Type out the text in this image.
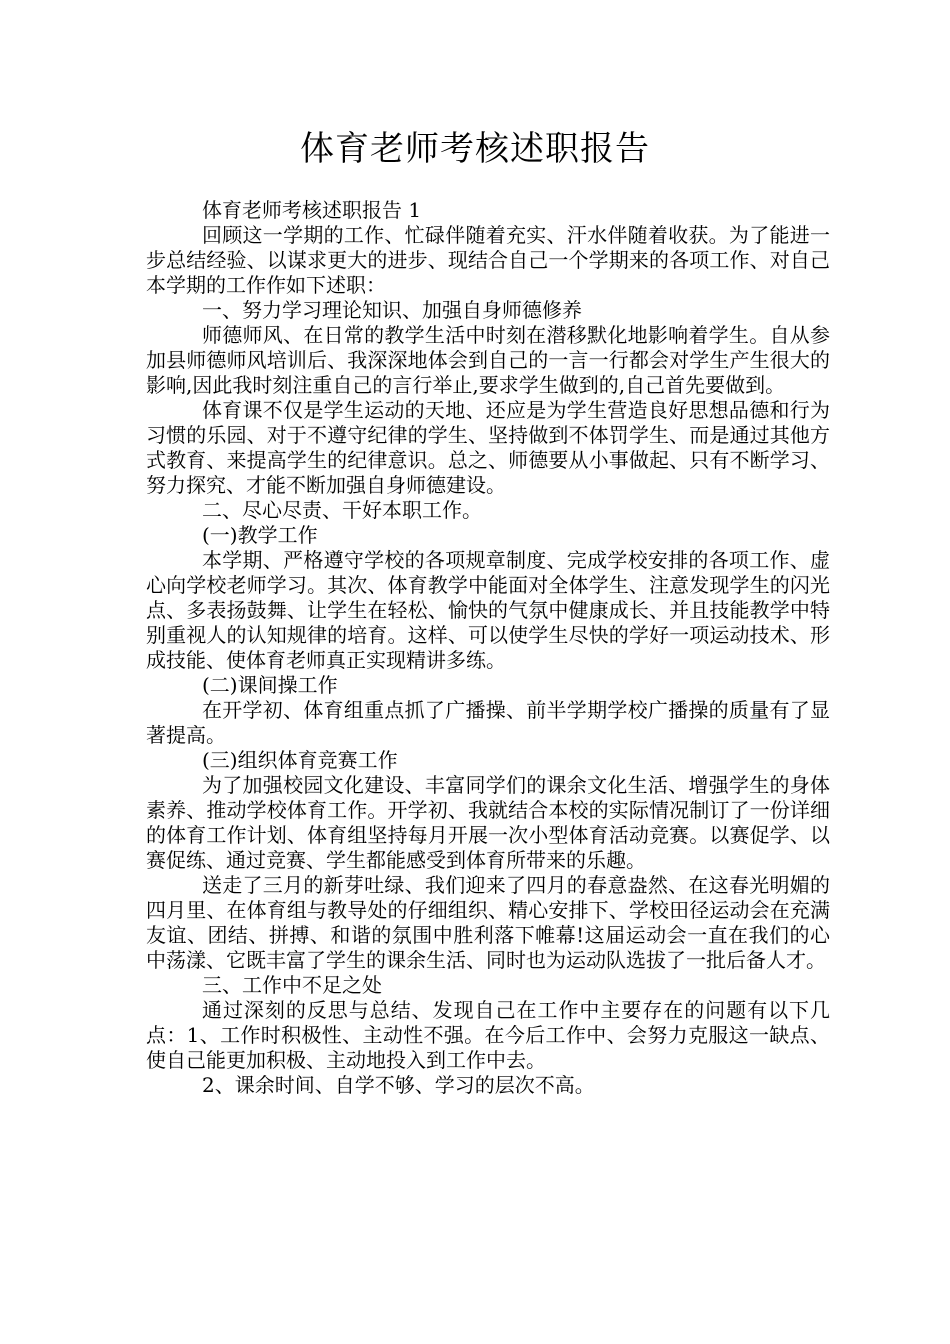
体育老师考核述职报告

体育老师考核述职报告 1

回顾这一学期的工作、忙碌伴随着充实、汗水伴随着收获。为了能进一步总结经验、以谋求更大的进步、现结合自己一个学期来的各项工作、对自己本学期的工作作如下述职：

一、努力学习理论知识、加强自身师德修养

师德师风、在日常的教学生活中时刻在潜移默化地影响着学生。自从参加县师德师风培训后、我深深地体会到自己的一言一行都会对学生产生很大的影响,因此我时刻注重自己的言行举止,要求学生做到的,自己首先要做到。

体育课不仅是学生运动的天地、还应是为学生营造良好思想品德和行为习惯的乐园、对于不遵守纪律的学生、坚持做到不体罚学生、而是通过其他方式教育、来提高学生的纪律意识。总之、师德要从小事做起、只有不断学习、努力探究、才能不断加强自身师德建设。

二、尽心尽责、干好本职工作。

(一)教学工作

本学期、严格遵守学校的各项规章制度、完成学校安排的各项工作、虚心向学校老师学习。其次、体育教学中能面对全体学生、注意发现学生的闪光点、多表扬鼓舞、让学生在轻松、愉快的气氛中健康成长、并且技能教学中特别重视人的认知规律的培育。这样、可以使学生尽快的学好一项运动技术、形成技能、使体育老师真正实现精讲多练。

(二)课间操工作

在开学初、体育组重点抓了广播操、前半学期学校广播操的质量有了显著提高。

(三)组织体育竞赛工作

为了加强校园文化建设、丰富同学们的课余文化生活、增强学生的身体素养、推动学校体育工作。开学初、我就结合本校的实际情况制订了一份详细的体育工作计划、体育组坚持每月开展一次小型体育活动竞赛。以赛促学、以赛促练、通过竞赛、学生都能感受到体育所带来的乐趣。

送走了三月的新芽吐绿、我们迎来了四月的春意盎然、在这春光明媚的四月里、在体育组与教导处的仔细组织、精心安排下、学校田径运动会在充满友谊、团结、拼搏、和谐的氛围中胜利落下帷幕!这届运动会一直在我们的心中荡漾、它既丰富了学生的课余生活、同时也为运动队选拔了一批后备人才。

三、工作中不足之处

通过深刻的反思与总结、发现自己在工作中主要存在的问题有以下几点：1、工作时积极性、主动性不强。在今后工作中、会努力克服这一缺点、使自己能更加积极、主动地投入到工作中去。

2、课余时间、自学不够、学习的层次不高。
